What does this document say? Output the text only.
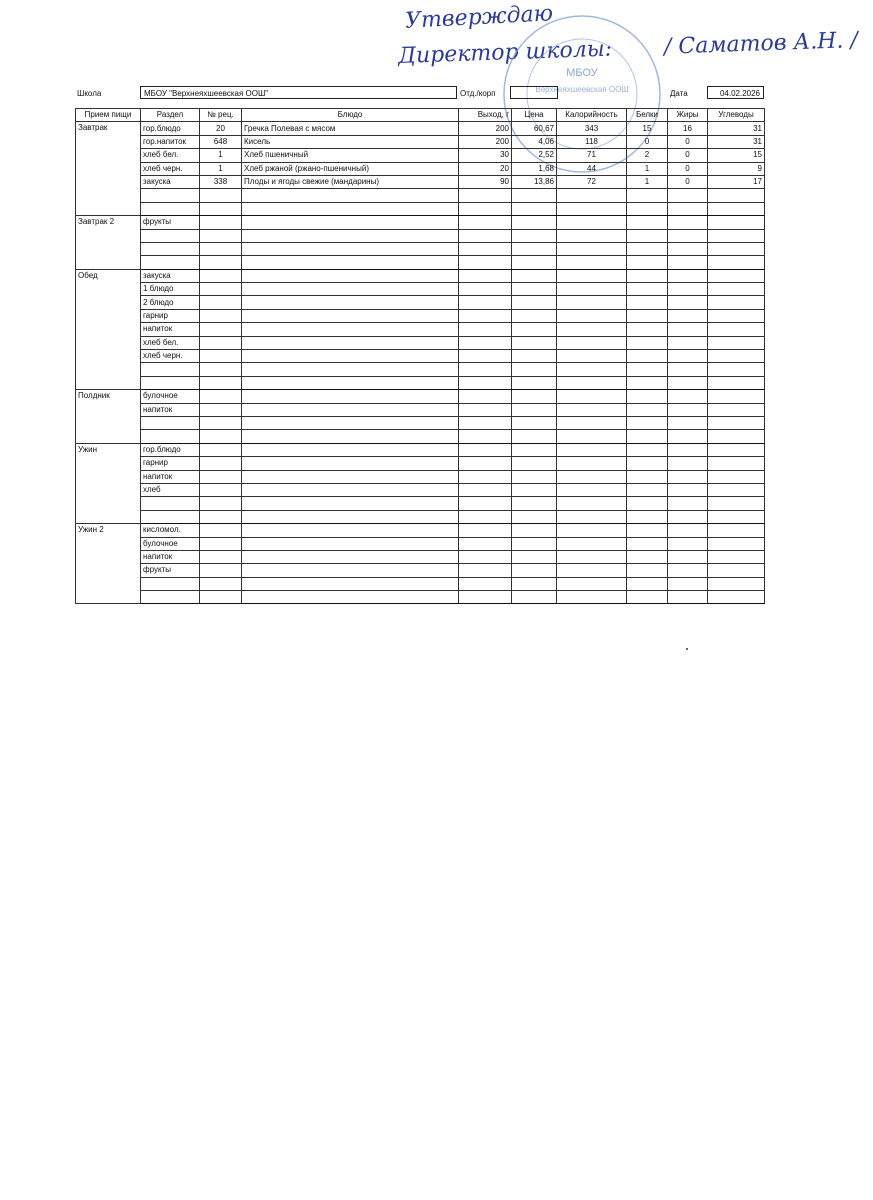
Утверждаю
Директор школы: / Саматов А.Н. /
МБОУ
Верхнеяхшеевская ООШ
Школа	МБОУ "Верхнеяхшеевская ООШ"	Отд./корп	Дата	04.02.2026
Прием пищи	Раздел	№ рец.	Блюдо	Выход, г	Цена	Калорийность	Белки	Жиры	Углеводы
Завтрак	гор.блюдо	20	Гречка Полевая с мясом	200	60,67	343	15	16	31
	гор.напиток	648	Кисель	200	4,06	118	0	0	31
	хлеб бел.	1	Хлеб пшеничный	30	2,52	71	2	0	15
	хлеб черн.	1	Хлеб ржаной (ржано-пшеничный)	20	1,68	44	1	0	9
	закуска	338	Плоды и ягоды свежие (мандарины)	90	13,86	72	1	0	17

Завтрак 2	фрукты								

Обед	закуска								
	1 блюдо								
	2 блюдо								
	гарнир								
	напиток								
	хлеб бел.								
	хлеб черн.								

Полдник	булочное								
	напиток								

Ужин	гор.блюдо								
	гарнир								
	напиток								
	хлеб								

Ужин 2	кисломол.								
	булочное								
	напиток								
	фрукты								
